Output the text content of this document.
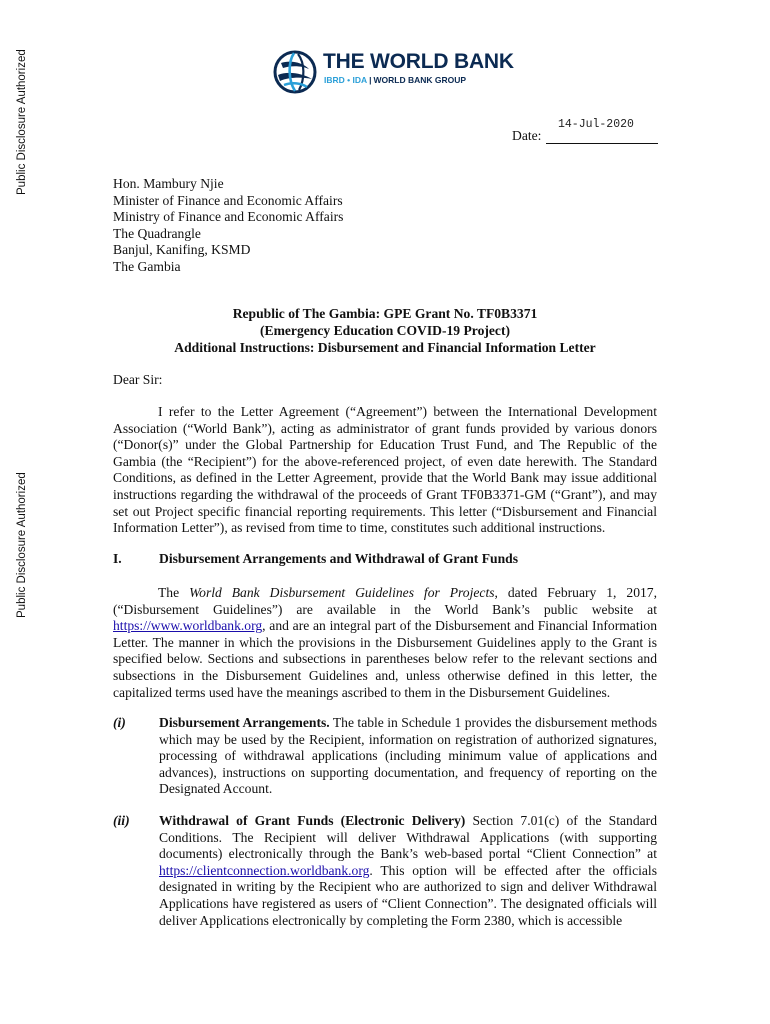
Public Disclosure Authorized
Public Disclosure Authorized
THE WORLD BANK
IBRD • IDA | WORLD BANK GROUP
14-Jul-2020
Date:
Hon. Mambury Njie
Minister of Finance and Economic Affairs
Ministry of Finance and Economic Affairs
The Quadrangle
Banjul, Kanifing, KSMD
The Gambia
Republic of The Gambia: GPE Grant No. TF0B3371
(Emergency Education COVID-19 Project)
Additional Instructions: Disbursement and Financial Information Letter
Dear Sir:
I refer to the Letter Agreement (“Agreement”) between the International Development Association (“World Bank”), acting as administrator of grant funds provided by various donors (“Donor(s)” under the Global Partnership for Education Trust Fund, and The Republic of the Gambia (the “Recipient”) for the above-referenced project, of even date herewith. The Standard Conditions, as defined in the Letter Agreement, provide that the World Bank may issue additional instructions regarding the withdrawal of the proceeds of Grant TF0B3371-GM (“Grant”), and may set out Project specific financial reporting requirements. This letter (“Disbursement and Financial Information Letter”), as revised from time to time, constitutes such additional instructions.
I.	Disbursement Arrangements and Withdrawal of Grant Funds
The World Bank Disbursement Guidelines for Projects, dated February 1, 2017, (“Disbursement Guidelines”) are available in the World Bank’s public website at https://www.worldbank.org, and are an integral part of the Disbursement and Financial Information Letter. The manner in which the provisions in the Disbursement Guidelines apply to the Grant is specified below. Sections and subsections in parentheses below refer to the relevant sections and subsections in the Disbursement Guidelines and, unless otherwise defined in this letter, the capitalized terms used have the meanings ascribed to them in the Disbursement Guidelines.
(i) Disbursement Arrangements. The table in Schedule 1 provides the disbursement methods which may be used by the Recipient, information on registration of authorized signatures, processing of withdrawal applications (including minimum value of applications and advances), instructions on supporting documentation, and frequency of reporting on the Designated Account.
(ii) Withdrawal of Grant Funds (Electronic Delivery) Section 7.01(c) of the Standard Conditions. The Recipient will deliver Withdrawal Applications (with supporting documents) electronically through the Bank’s web-based portal “Client Connection” at https://clientconnection.worldbank.org. This option will be effected after the officials designated in writing by the Recipient who are authorized to sign and deliver Withdrawal Applications have registered as users of “Client Connection”. The designated officials will deliver Applications electronically by completing the Form 2380, which is accessible
